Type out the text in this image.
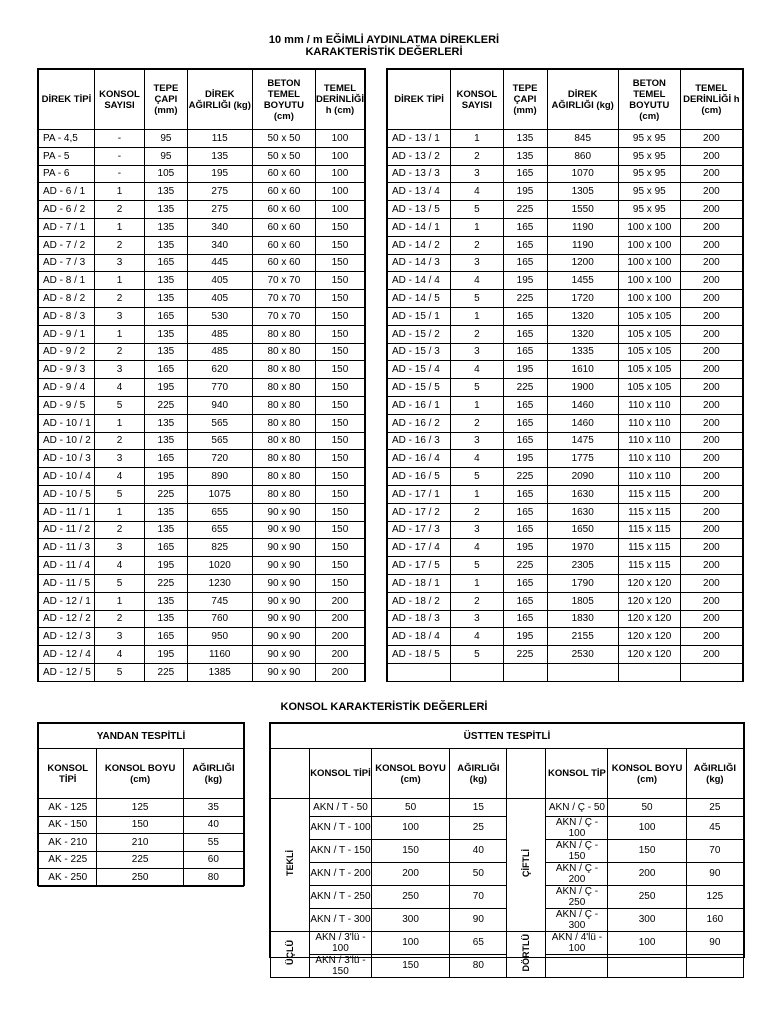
10 mm / m EĞİMLİ AYDINLATMA DİREKLERİ
KARAKTERİSTİK DEĞERLERİ
DİREK TİPİ	KONSOL SAYISI	TEPE ÇAPI (mm)	DİREK AĞIRLIĞI (kg)	BETON TEMEL BOYUTU (cm)	TEMEL DERİNLİĞİ h (cm)
PA - 4,5	-	95	115	50 x 50	100
PA - 5	-	95	135	50 x 50	100
PA - 6	-	105	195	60 x 60	100
AD - 6 / 1	1	135	275	60 x 60	100
AD - 6 / 2	2	135	275	60 x 60	100
AD - 7 / 1	1	135	340	60 x 60	150
AD - 7 / 2	2	135	340	60 x 60	150
AD - 7 / 3	3	165	445	60 x 60	150
AD - 8 / 1	1	135	405	70 x 70	150
AD - 8 / 2	2	135	405	70 x 70	150
AD - 8 / 3	3	165	530	70 x 70	150
AD - 9 / 1	1	135	485	80 x 80	150
AD - 9 / 2	2	135	485	80 x 80	150
AD - 9 / 3	3	165	620	80 x 80	150
AD - 9 / 4	4	195	770	80 x 80	150
AD - 9 / 5	5	225	940	80 x 80	150
AD - 10 / 1	1	135	565	80 x 80	150
AD - 10 / 2	2	135	565	80 x 80	150
AD - 10 / 3	3	165	720	80 x 80	150
AD - 10 / 4	4	195	890	80 x 80	150
AD - 10 / 5	5	225	1075	80 x 80	150
AD - 11 / 1	1	135	655	90 x 90	150
AD - 11 / 2	2	135	655	90 x 90	150
AD - 11 / 3	3	165	825	90 x 90	150
AD - 11 / 4	4	195	1020	90 x 90	150
AD - 11 / 5	5	225	1230	90 x 90	150
AD - 12 / 1	1	135	745	90 x 90	200
AD - 12 / 2	2	135	760	90 x 90	200
AD - 12 / 3	3	165	950	90 x 90	200
AD - 12 / 4	4	195	1160	90 x 90	200
AD - 12 / 5	5	225	1385	90 x 90	200
DİREK TİPİ	KONSOL SAYISI	TEPE ÇAPI (mm)	DİREK AĞIRLIĞI (kg)	BETON TEMEL BOYUTU (cm)	TEMEL DERİNLİĞİ h (cm)
AD - 13 / 1	1	135	845	95 x 95	200
AD - 13 / 2	2	135	860	95 x 95	200
AD - 13 / 3	3	165	1070	95 x 95	200
AD - 13 / 4	4	195	1305	95 x 95	200
AD - 13 / 5	5	225	1550	95 x 95	200
AD - 14 / 1	1	165	1190	100 x 100	200
AD - 14 / 2	2	165	1190	100 x 100	200
AD - 14 / 3	3	165	1200	100 x 100	200
AD - 14 / 4	4	195	1455	100 x 100	200
AD - 14 / 5	5	225	1720	100 x 100	200
AD - 15 / 1	1	165	1320	105 x 105	200
AD - 15 / 2	2	165	1320	105 x 105	200
AD - 15 / 3	3	165	1335	105 x 105	200
AD - 15 / 4	4	195	1610	105 x 105	200
AD - 15 / 5	5	225	1900	105 x 105	200
AD - 16 / 1	1	165	1460	110 x 110	200
AD - 16 / 2	2	165	1460	110 x 110	200
AD - 16 / 3	3	165	1475	110 x 110	200
AD - 16 / 4	4	195	1775	110 x 110	200
AD - 16 / 5	5	225	2090	110 x 110	200
AD - 17 / 1	1	165	1630	115 x 115	200
AD - 17 / 2	2	165	1630	115 x 115	200
AD - 17 / 3	3	165	1650	115 x 115	200
AD - 17 / 4	4	195	1970	115 x 115	200
AD - 17 / 5	5	225	2305	115 x 115	200
AD - 18 / 1	1	165	1790	120 x 120	200
AD - 18 / 2	2	165	1805	120 x 120	200
AD - 18 / 3	3	165	1830	120 x 120	200
AD - 18 / 4	4	195	2155	120 x 120	200
AD - 18 / 5	5	225	2530	120 x 120	200

KONSOL KARAKTERİSTİK DEĞERLERİ
YANDAN TESPİTLİ		
KONSOL TİPİ	KONSOL BOYU (cm)	AĞIRLIĞI (kg)
AK - 125	125	35
AK - 150	150	40
AK - 210	210	55
AK - 225	225	60
AK - 250	250	80
ÜSTTEN TESPİTLİ							
	KONSOL TİPİ	KONSOL BOYU (cm)	AĞIRLIĞI (kg)		KONSOL TİP	KONSOL BOYU (cm)	AĞIRLIĞI (kg)
TEKLİ	AKN / T - 50	50	15	ÇİFTLİ	AKN / Ç - 50	50	25
	AKN / T - 100	100	25		AKN / Ç - 100	100	45
	AKN / T - 150	150	40		AKN / Ç - 150	150	70
	AKN / T - 200	200	50		AKN / Ç - 200	200	90
	AKN / T - 250	250	70		AKN / Ç - 250	250	125
	AKN / T - 300	300	90		AKN / Ç - 300	300	160
ÜÇLÜ	AKN / 3'lü - 100	100	65	DÖRTLÜ	AKN / 4'lü - 100	100	90
	AKN / 3'lü - 150	150	80				
